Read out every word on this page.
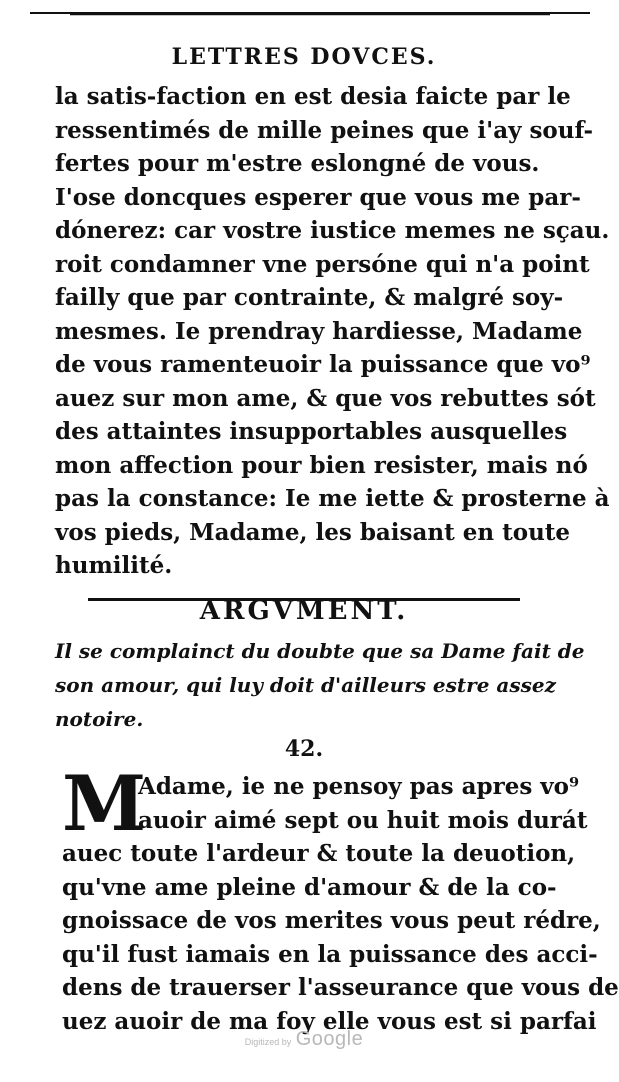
LETTRES DOVCES.
la satis-faction en est desia faicte par le
ressentimés de mille peines que i'ay souf-
fertes pour m'estre eslongné de vous.
I'ose doncques esperer que vous me par-
dónerez: car vostre iustice memes ne sçau.
roit condamner vne persóne qui n'a point
failly que par contrainte, & malgré soy-
mesmes. Ie prendray hardiesse, Madame
de vous ramenteuoir la puissance que vo⁹
auez sur mon ame, & que vos rebuttes sót
des attaintes insupportables ausquelles
mon affection pour bien resister, mais nó
pas la constance: Ie me iette & prosterne à
vos pieds, Madame, les baisant en toute
humilité.
ARGVMENT.
Il se complainct du doubte que sa Dame fait de
son amour, qui luy doit d'ailleurs estre assez
notoire.
42.
M
Adame, ie ne pensoy pas apres vo⁹
auoir aimé sept ou huit mois durát
auec toute l'ardeur & toute la deuotion,
qu'vne ame pleine d'amour & de la co-
gnoissace de vos merites vous peut rédre,
qu'il fust iamais en la puissance des acci-
dens de trauerser l'asseurance que vous de
uez auoir de ma foy elle vous est si parfai
Digitized by Google
